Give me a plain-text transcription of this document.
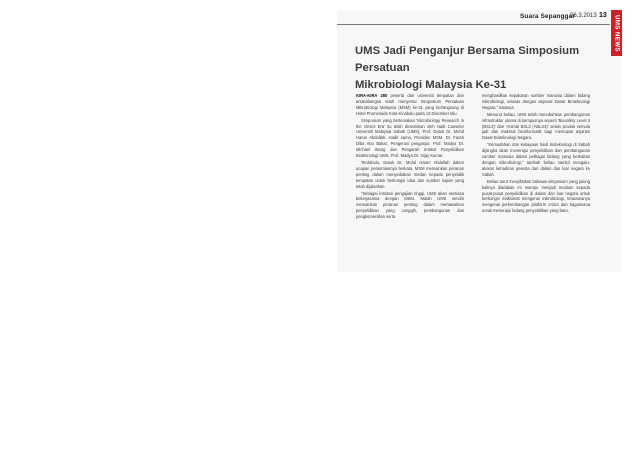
Suara Sepanggar
06.3.2013 13	UMS NEWS
UMS Jadi Penganjur Bersama Simposium Persatuan
Mikrobiologi Malaysia Ke-31

KIRA-KIRA 280 peserta dari universiti tempatan dan antarabangsa telah menyertai Simposium Persatuan Mikrobiologi Malaysia (MSM) ke-31 yang berlangsung di Hotel Promenade Kota Kinabalu pada 13 Disember lalu.

Simposium yang bertemakan 'Microbiology Research in the Omics Era' itu telah dirasmikan oleh Naib Canselor Universiti Malaysia Sabah (UMS), Prof. Datuk Dr. Mohd Harun Abdullah. Hadir sama, Presiden MSM, Dr. Farah Diba Abu Bakar; Pengerusi penganjur, Prof. Madya Dr. Michael Wong dan Pengarah Institut Penyelidikan Bioteknologi UMS, Prof. Madya Dr. Vijay Kumar.

Terdahulu, Datuk Dr. Mohd Harun Abdullah dalam ucapan perasmiannya berkata, MSM memainkan peranan penting dalam menyediakan medan kepada penyelidik tempatan untuk berkongsi idea dan sumber kajian yang telah dijalankan.

"Sebagai institusi pengajian tinggi, UMS akan sentiasa bekerjasama dengan MSM. Malah UMS sendiri memainkan peranan penting dalam menawarkan penyelidikan yang canggih, pembangunan dan pengkomersilan serta

menghasilkan kepakaran sumber manusia dalam bidang mikrobiologi, selaras dengan aspirasi Dasar Bioteknologi Negara," katanya.

Menurut beliau, UMS telah menubuhkan pembangunan infrastruktur utama di kampusnya seperti 'Biosafety Level 3 (BSL3)' dan 'Animal BSL3 (ABLS3)' selain produk semula jadi dan makmal bioinformatik bagi mencapai aspirasi Dasar Bioteknologi Negara.

"Kemudahan dan kekayaan hasil bioteknologi di Sabah dijangka akan menerajui penyelidikan dan pembangunan sumber manusia dalam pelbagai bidang yang berkaitan dengan mikrobiologi," tambah beliau sambil mengalu-alukan kehadiran peserta dari dalam dan luar negara ke Sabah.

Beliau turut menyifatkan bahawa simposium yang julung kalinya diadakan ini mampu menjadi medium kepada pusat-pusat penyelidikan di dalam dan luar negara untuk berkongsi maklumat mengenai mikrobiologi, terutamanya mengenai perkembangan platform omics dan bagaimana untuk menerajui bidang penyelidikan yang baru.
